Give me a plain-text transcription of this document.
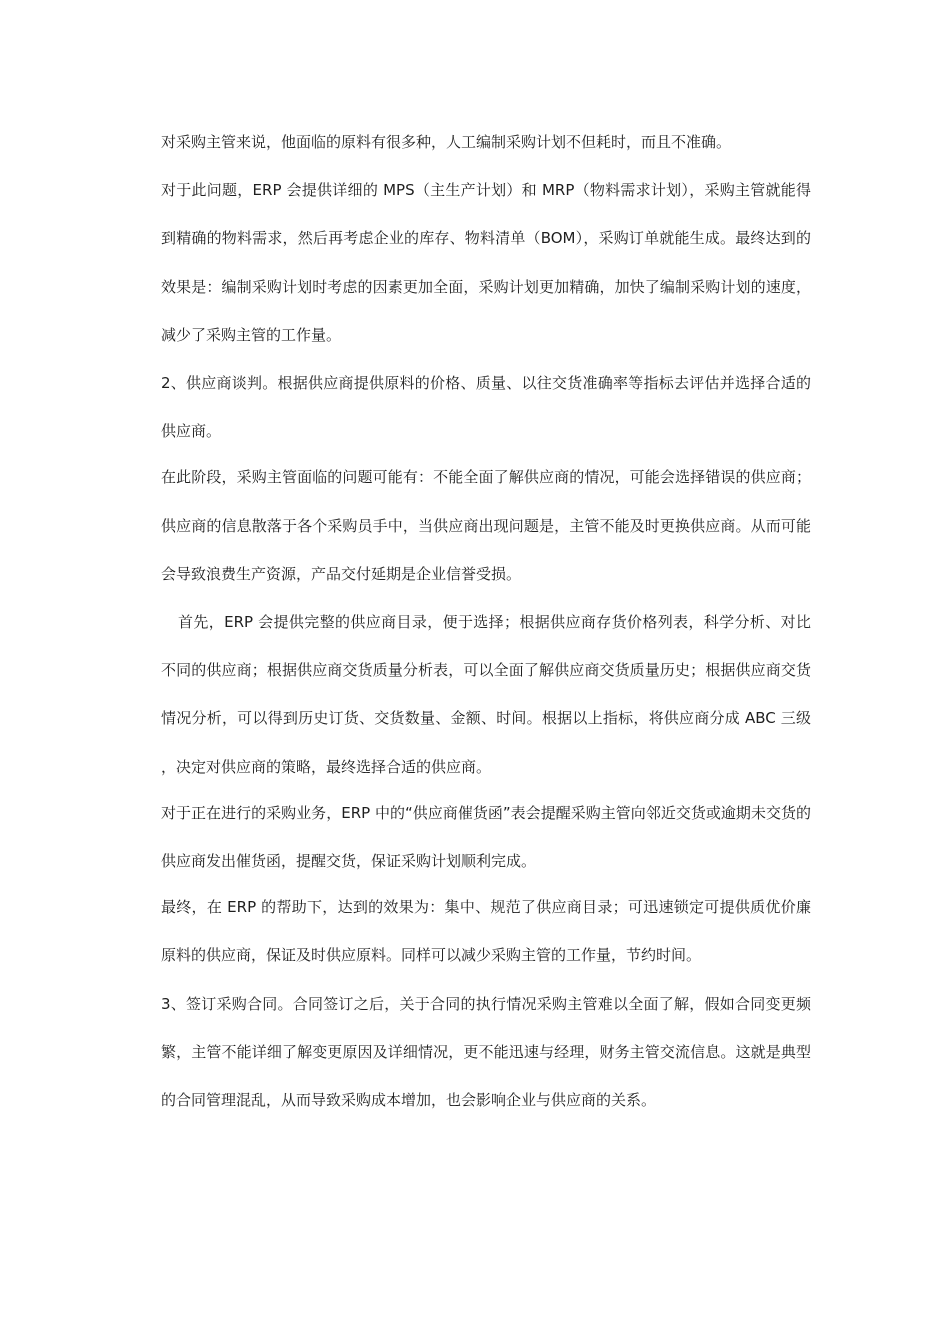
对采购主管来说，他面临的原料有很多种，人工编制采购计划不但耗时，而且不准确。

对于此问题，ERP 会提供详细的 MPS（主生产计划）和 MRP（物料需求计划），采购主管就能得到精确的物料需求，然后再考虑企业的库存、物料清单（BOM），采购订单就能生成。最终达到的效果是：编制采购计划时考虑的因素更加全面，采购计划更加精确，加快了编制采购计划的速度，减少了采购主管的工作量。

2、供应商谈判。根据供应商提供原料的价格、质量、以往交货准确率等指标去评估并选择合适的供应商。

在此阶段，采购主管面临的问题可能有：不能全面了解供应商的情况，可能会选择错误的供应商；供应商的信息散落于各个采购员手中，当供应商出现问题是，主管不能及时更换供应商。从而可能会导致浪费生产资源，产品交付延期是企业信誉受损。

首先，ERP 会提供完整的供应商目录，便于选择；根据供应商存货价格列表，科学分析、对比不同的供应商；根据供应商交货质量分析表，可以全面了解供应商交货质量历史；根据供应商交货情况分析，可以得到历史订货、交货数量、金额、时间。根据以上指标，将供应商分成 ABC 三级，决定对供应商的策略，最终选择合适的供应商。

对于正在进行的采购业务，ERP 中的“供应商催货函”表会提醒采购主管向邻近交货或逾期未交货的供应商发出催货函，提醒交货，保证采购计划顺利完成。

最终，在 ERP 的帮助下，达到的效果为：集中、规范了供应商目录；可迅速锁定可提供质优价廉原料的供应商，保证及时供应原料。同样可以减少采购主管的工作量，节约时间。

3、签订采购合同。合同签订之后，关于合同的执行情况采购主管难以全面了解，假如合同变更频繁，主管不能详细了解变更原因及详细情况，更不能迅速与经理，财务主管交流信息。这就是典型的合同管理混乱，从而导致采购成本增加，也会影响企业与供应商的关系。
